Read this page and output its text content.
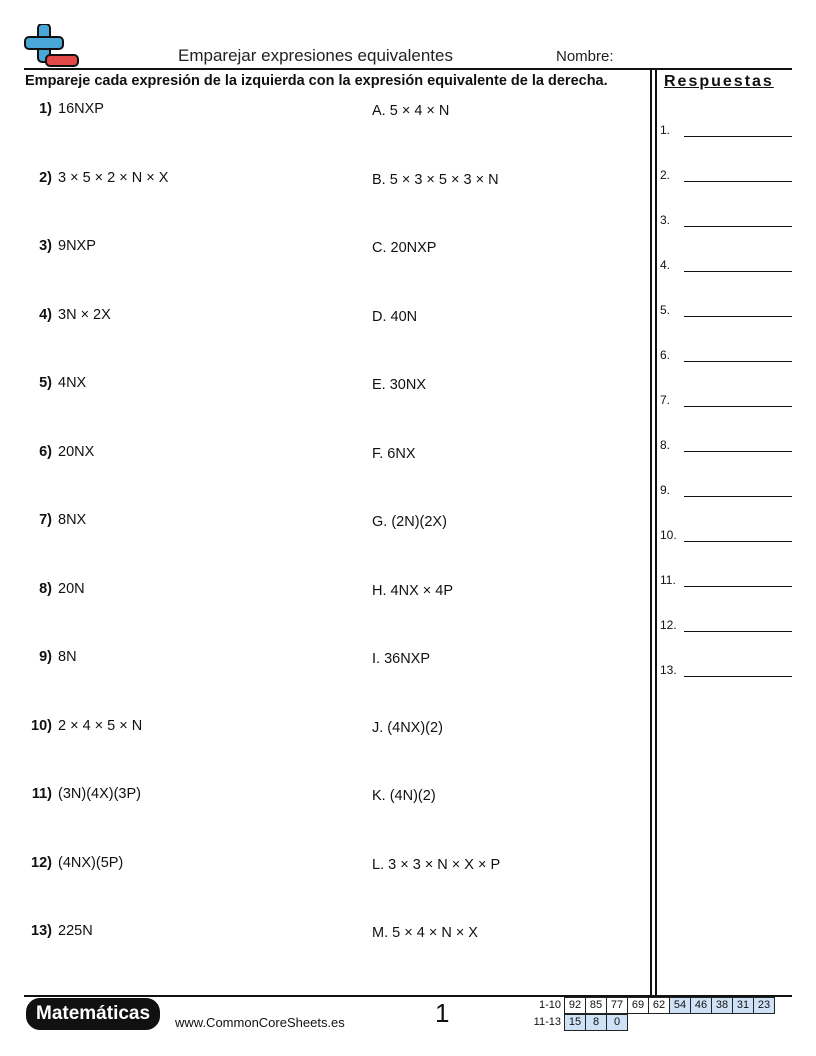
Emparejar expresiones equivalentes	Nombre:
Empareje cada expresión de la izquierda con la expresión equivalente de la derecha.	Respuestas
1) 16NXP
2) 3 × 5 × 2 × N × X
3) 9NXP
4) 3N × 2X
5) 4NX
6) 20NX
7) 8NX
8) 20N
9) 8N
10) 2 × 4 × 5 × N
11) (3N)(4X)(3P)
12) (4NX)(5P)
13) 225N
A. 5 × 4 × N
B. 5 × 3 × 5 × 3 × N
C. 20NXP
D. 40N
E. 30NX
F. 6NX
G. (2N)(2X)
H. 4NX × 4P
I. 36NXP
J. (4NX)(2)
K. (4N)(2)
L. 3 × 3 × N × X × P
M. 5 × 4 × N × X
1.
2.
3.
4.
5.
6.
7.
8.
9.
10.
11.
12.
13.
Matemáticas	www.CommonCoreSheets.es	1	1-10 92 85 77 69 62 54 46 38 31 23
11-13 15	8	0
